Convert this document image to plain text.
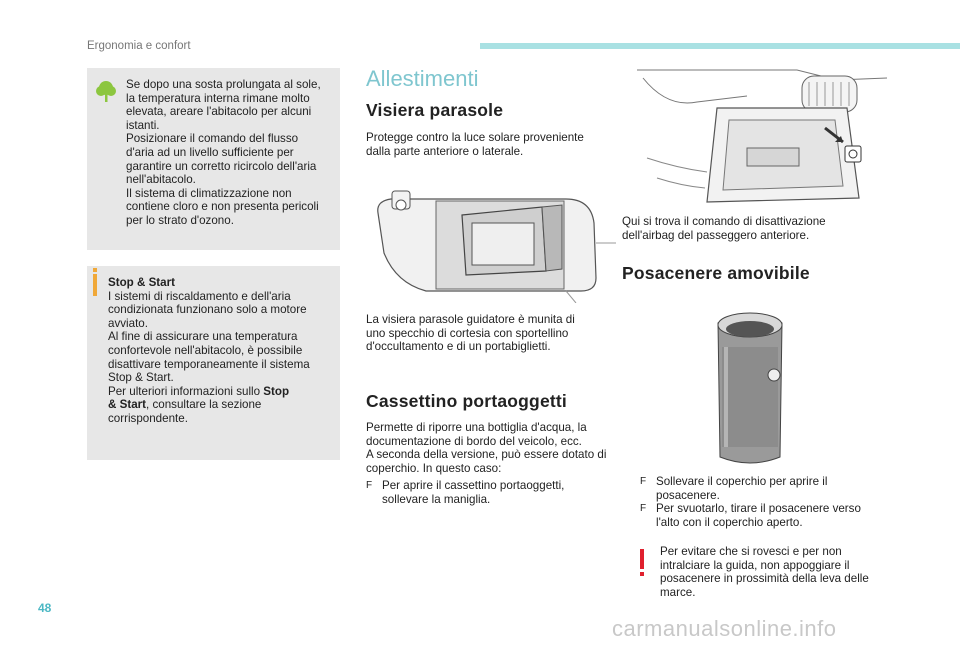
Ergonomia e confort
Se dopo una sosta prolungata al sole,
la temperatura interna rimane molto
elevata, areare l'abitacolo per alcuni
istanti.
Posizionare il comando del flusso
d'aria ad un livello sufficiente per
garantire un corretto ricircolo dell'aria
nell'abitacolo.
Il sistema di climatizzazione non
contiene cloro e non presenta pericoli
per lo strato d'ozono.
Stop & Start
I sistemi di riscaldamento e dell'aria
condizionata funzionano solo a motore
avviato.
Al fine di assicurare una temperatura
confortevole nell'abitacolo, è possibile
disattivare temporaneamente il sistema
Stop & Start.
Per ulteriori informazioni sullo Stop
& Start, consultare la sezione
corrispondente.
Allestimenti
Visiera parasole
Protegge contro la luce solare proveniente
dalla parte anteriore o laterale.
La visiera parasole guidatore è munita di
uno specchio di cortesia con sportellino
d'occultamento e di un portabiglietti.
Cassettino portaoggetti
Permette di riporre una bottiglia d'acqua, la
documentazione di bordo del veicolo, ecc.
A seconda della versione, può essere dotato di
coperchio. In questo caso:
F Per aprire il cassettino portaoggetti,
sollevare la maniglia.
Qui si trova il comando di disattivazione
dell'airbag del passeggero anteriore.
Posacenere amovibile
F Sollevare il coperchio per aprire il
posacenere.
F Per svuotarlo, tirare il posacenere verso
l'alto con il coperchio aperto.
Per evitare che si rovesci e per non
intralciare la guida, non appoggiare il
posacenere in prossimità della leva delle
marce.
48
carmanualsonline.info
